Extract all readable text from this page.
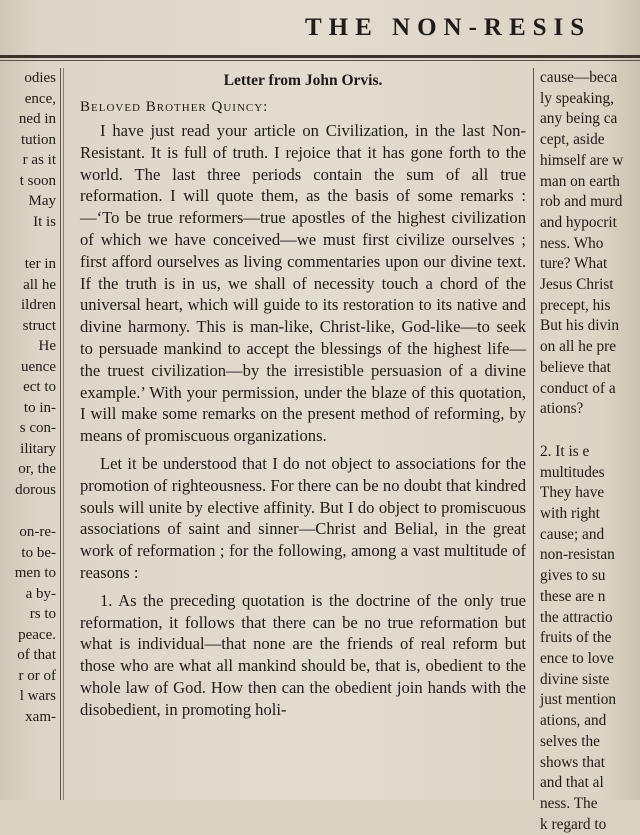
THE NON-RESIS

odies

ence,

ned in

tution

r as it

t soon

May

It is

ter in

all he

ildren

struct

He

uence

ect to

to in-

s con-

ilitary

or, the

dorous

on-re-

to be-

men to

a by-

rs to

peace.

of that

r or of

l wars

xam-

Letter from John Orvis.
Beloved Brother Quincy:

I have just read your article on Civilization, in the last Non-Resistant. It is full of truth. I rejoice that it has gone forth to the world. The last three periods contain the sum of all true reformation. I will quote them, as the basis of some remarks :—‘To be true reformers—true apostles of the highest civilization of which we have conceived—we must first civilize ourselves ; first afford ourselves as living commentaries upon our divine text. If the truth is in us, we shall of necessity touch a chord of the universal heart, which will guide to its restoration to its native and divine harmony. This is man-like, Christ-like, God-like—to seek to persuade mankind to accept the blessings of the highest life—the truest civilization—by the irresistible persuasion of a divine example.’ With your permission, under the blaze of this quotation, I will make some remarks on the present method of reforming, by means of promiscuous organizations.

Let it be understood that I do not object to associations for the promotion of righteousness. For there can be no doubt that kindred souls will unite by elective affinity. But I do object to promiscuous associations of saint and sinner—Christ and Belial, in the great work of reformation ; for the following, among a vast multitude of reasons :

1. As the preceding quotation is the doctrine of the only true reformation, it follows that there can be no true reformation but what is individual—that none are the friends of real reform but those who are what all mankind should be, that is, obedient to the whole law of God. How then can the obedient join hands with the disobedient, in promoting holi-

cause—beca

ly speaking,

any being ca

cept, aside

himself are w

man on earth

rob and murd

and hypocrit

ness. Who

ture? What

Jesus Christ

precept, his

But his divin

on all he pre

believe that

conduct of a

ations?

2. It is e

multitudes

They have

with right

cause; and

non-resistan

gives to su

these are n

the attractio

fruits of the

ence to love

divine siste

just mention

ations, and

selves the

shows that

and that al

ness. The

k regard to
